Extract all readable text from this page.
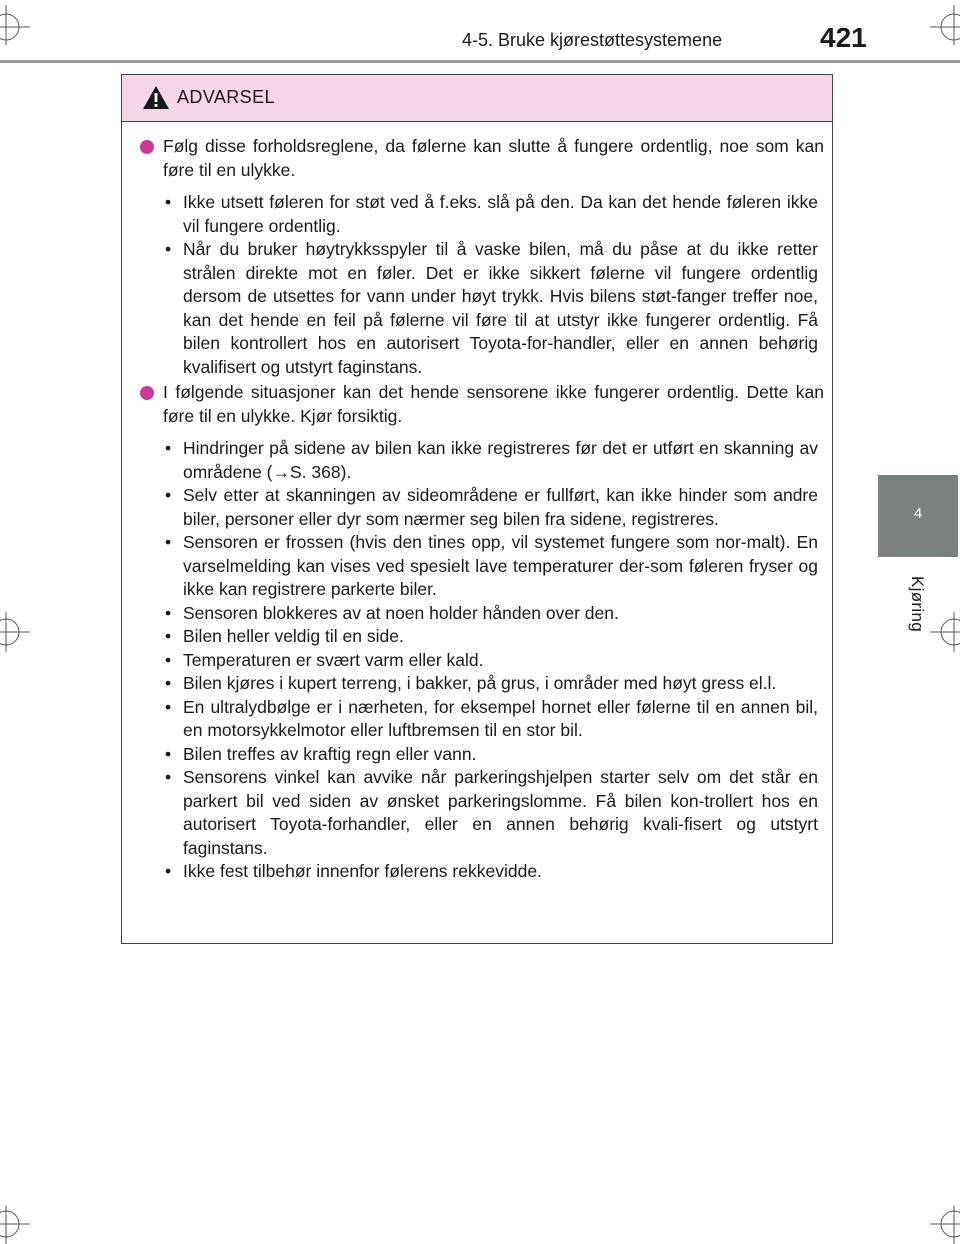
4-5. Bruke kjørestøttesystemene	421
4
Kjøring
ADVARSEL
Følg disse forholdsreglene, da følerne kan slutte å fungere ordentlig, noe som kan føre til en ulykke.
• Ikke utsett føleren for støt ved å f.eks. slå på den. Da kan det hende føleren ikke vil fungere ordentlig.
• Når du bruker høytrykksspyler til å vaske bilen, må du påse at du ikke retter strålen direkte mot en føler. Det er ikke sikkert følerne vil fungere ordentlig dersom de utsettes for vann under høyt trykk. Hvis bilens støt-fanger treffer noe, kan det hende en feil på følerne vil føre til at utstyr ikke fungerer ordentlig. Få bilen kontrollert hos en autorisert Toyota-for-handler, eller en annen behørig kvalifisert og utstyrt faginstans.
I følgende situasjoner kan det hende sensorene ikke fungerer ordentlig. Dette kan føre til en ulykke. Kjør forsiktig.
• Hindringer på sidene av bilen kan ikke registreres før det er utført en skanning av områdene (→S. 368).
• Selv etter at skanningen av sideområdene er fullført, kan ikke hinder som andre biler, personer eller dyr som nærmer seg bilen fra sidene, registreres.
• Sensoren er frossen (hvis den tines opp, vil systemet fungere som nor-malt). En varselmelding kan vises ved spesielt lave temperaturer der-som føleren fryser og ikke kan registrere parkerte biler.
• Sensoren blokkeres av at noen holder hånden over den.
• Bilen heller veldig til en side.
• Temperaturen er svært varm eller kald.
• Bilen kjøres i kupert terreng, i bakker, på grus, i områder med høyt gress el.l.
• En ultralydbølge er i nærheten, for eksempel hornet eller følerne til en annen bil, en motorsykkelmotor eller luftbremsen til en stor bil.
• Bilen treffes av kraftig regn eller vann.
• Sensorens vinkel kan avvike når parkeringshjelpen starter selv om det står en parkert bil ved siden av ønsket parkeringslomme. Få bilen kon-trollert hos en autorisert Toyota-forhandler, eller en annen behørig kvali-fisert og utstyrt faginstans.
• Ikke fest tilbehør innenfor følerens rekkevidde.
